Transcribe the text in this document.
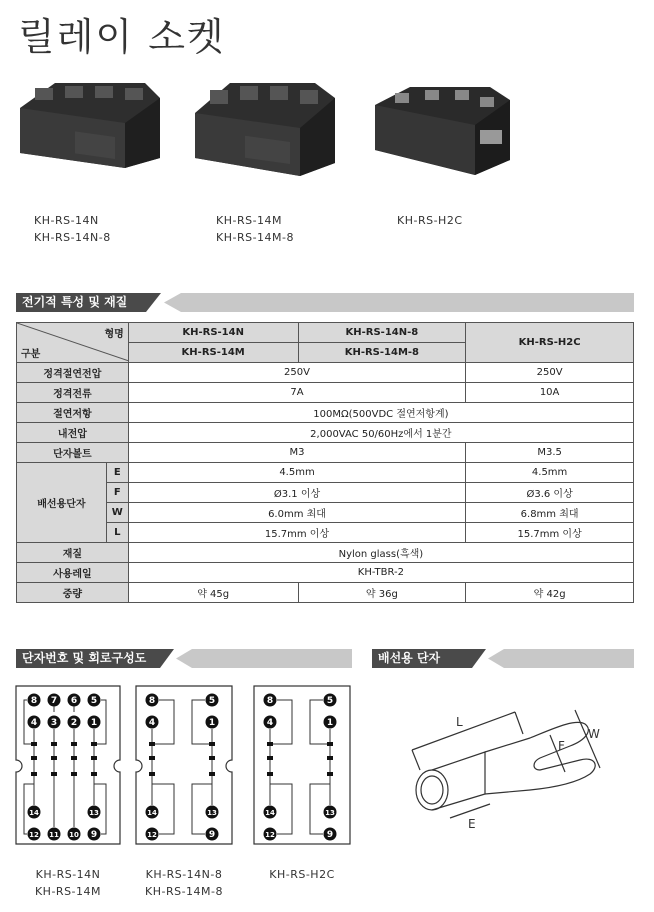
릴레이 소켓
KH-RS-14N
KH-RS-14N-8
KH-RS-14M
KH-RS-14M-8
KH-RS-H2C
전기적 특성 및 재질
형명
구분		KH-RS-14N	KH-RS-14N-8	KH-RS-H2C
		KH-RS-14M	KH-RS-14M-8	
정격절연전압		250V		250V
정격전류		7A		10A
절연저항		100MΩ(500VDC 절연저항계)		
내전압		2,000VAC 50/60Hz에서 1분간		
단자볼트		M3		M3.5
배선용단자	E	4.5mm		4.5mm
	F	Ø3.1 이상		Ø3.6 이상
	W	6.0mm 최대		6.8mm 최대
	L	15.7mm 이상		15.7mm 이상
재질		Nylon glass(흑색)		
사용레일		KH-TBR-2		
중량		약 45g	약 36g	약 42g
단자번호 및 회로구성도	배선용 단자
8 7 6 5
4 3 2 1
14	13
12 11 10 9
8	5
4	1
14	13
12	9
8	5
4	1
14	13
12	9
KH-RS-14N
KH-RS-14M
KH-RS-14N-8
KH-RS-14M-8
KH-RS-H2C
L
W
F
E
